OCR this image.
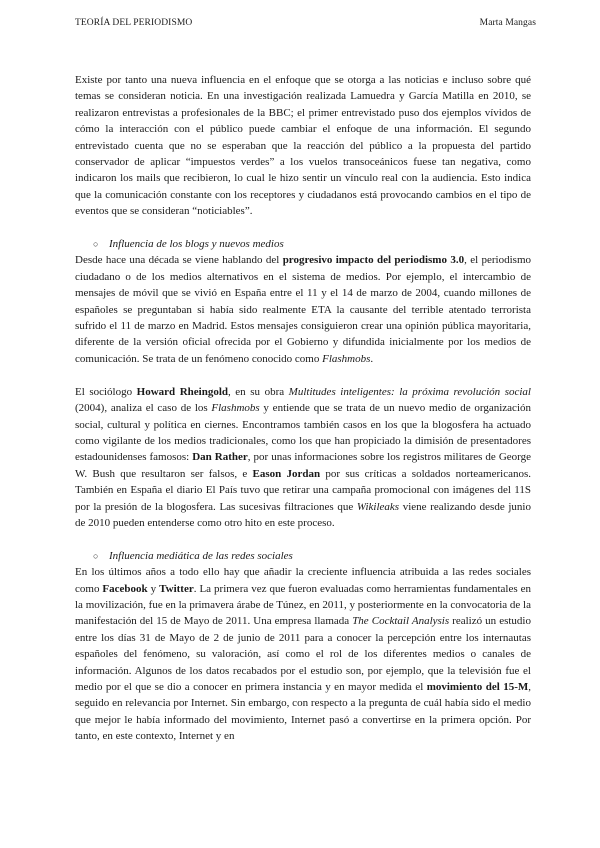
TEORÍA DEL PERIODISMO	Marta Mangas

Existe por tanto una nueva influencia en el enfoque que se otorga a las noticias e incluso sobre qué temas se consideran noticia. En una investigación realizada Lamuedra y García Matilla en 2010, se realizaron entrevistas a profesionales de la BBC; el primer entrevistado puso dos ejemplos vívidos de cómo la interacción con el público puede cambiar el enfoque de una información. El segundo entrevistado cuenta que no se esperaban que la reacción del público a la propuesta del partido conservador de aplicar “impuestos verdes” a los vuelos transoceánicos fuese tan negativa, como indicaron los mails que recibieron, lo cual le hizo sentir un vínculo real con la audiencia. Esto indica que la comunicación constante con los receptores y ciudadanos está provocando cambios en el tipo de eventos que se consideran “noticiables”.

○ Influencia de los blogs y nuevos medios

Desde hace una década se viene hablando del progresivo impacto del periodismo 3.0, el periodismo ciudadano o de los medios alternativos en el sistema de medios. Por ejemplo, el intercambio de mensajes de móvil que se vivió en España entre el 11 y el 14 de marzo de 2004, cuando millones de españoles se preguntaban si había sido realmente ETA la causante del terrible atentado terrorista sufrido el 11 de marzo en Madrid. Estos mensajes consiguieron crear una opinión pública mayoritaria, diferente de la versión oficial ofrecida por el Gobierno y difundida inicialmente por los medios de comunicación. Se trata de un fenómeno conocido como Flashmobs.

El sociólogo Howard Rheingold, en su obra Multitudes inteligentes: la próxima revolución social (2004), analiza el caso de los Flashmobs y entiende que se trata de un nuevo medio de organización social, cultural y política en ciernes. Encontramos también casos en los que la blogosfera ha actuado como vigilante de los medios tradicionales, como los que han propiciado la dimisión de presentadores estadounidenses famosos: Dan Rather, por unas informaciones sobre los registros militares de George W. Bush que resultaron ser falsos, e Eason Jordan por sus críticas a soldados norteamericanos. También en España el diario El País tuvo que retirar una campaña promocional con imágenes del 11S por la presión de la blogosfera. Las sucesivas filtraciones que Wikileaks viene realizando desde junio de 2010 pueden entenderse como otro hito en este proceso.

○ Influencia mediática de las redes sociales

En los últimos años a todo ello hay que añadir la creciente influencia atribuida a las redes sociales como Facebook y Twitter. La primera vez que fueron evaluadas como herramientas fundamentales en la movilización, fue en la primavera árabe de Túnez, en 2011, y posteriormente en la convocatoria de la manifestación del 15 de Mayo de 2011. Una empresa llamada The Cocktail Analysis realizó un estudio entre los días 31 de Mayo de 2 de junio de 2011 para a conocer la percepción entre los internautas españoles del fenómeno, su valoración, así como el rol de los diferentes medios o canales de información. Algunos de los datos recabados por el estudio son, por ejemplo, que la televisión fue el medio por el que se dio a conocer en primera instancia y en mayor medida el movimiento del 15-M, seguido en relevancia por Internet. Sin embargo, con respecto a la pregunta de cuál había sido el medio que mejor le había informado del movimiento, Internet pasó a convertirse en la primera opción. Por tanto, en este contexto, Internet y en
